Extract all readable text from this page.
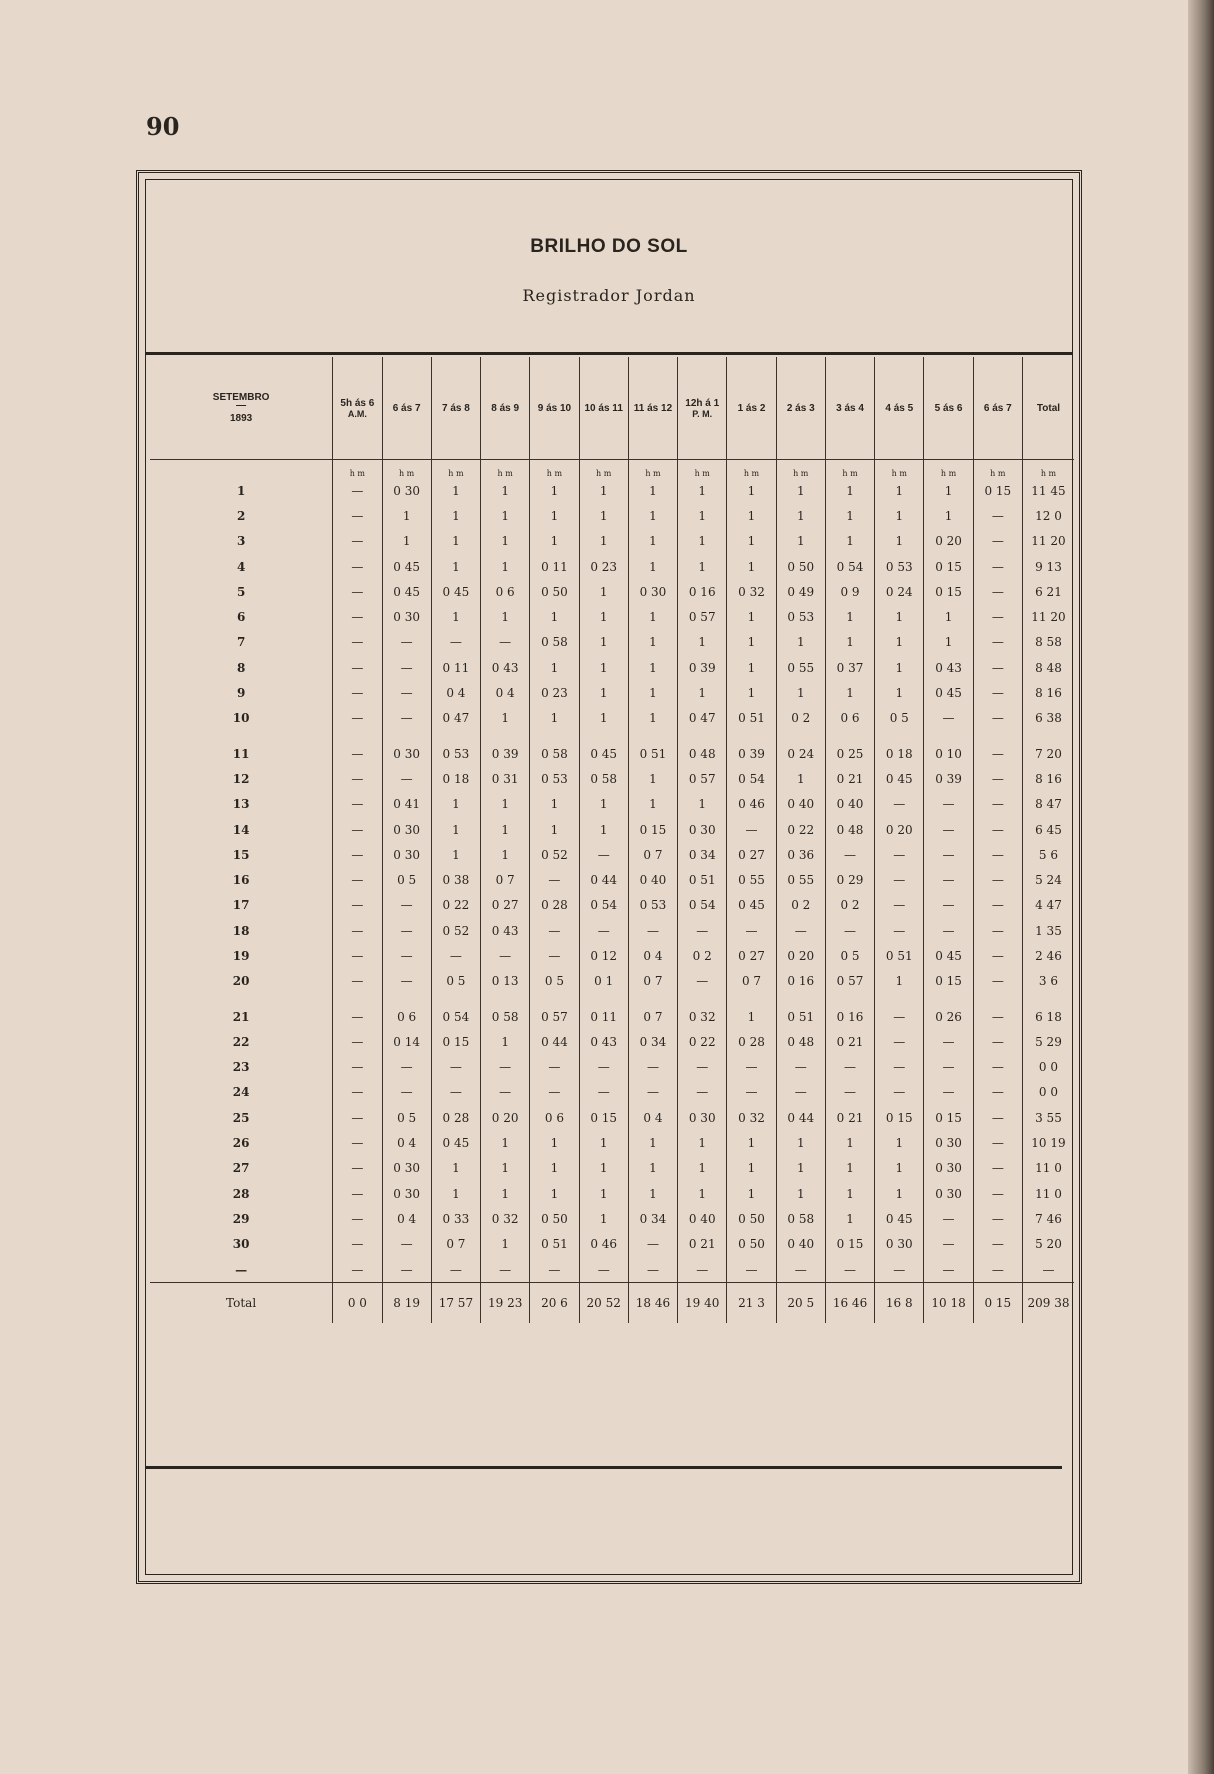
90
BRILHO DO SOL
Registrador Jordan
SETEMBRO
—
1893	5h ás 6
A.M.	6 ás 7	7 ás 8	8 ás 9	9 ás 10	10 ás 11	11 ás 12	12h á 1
P. M.	1 ás 2	2 ás 3	3 ás 4	4 ás 5	5 ás 6	6 ás 7	Total

	h m	h m	h m	h m	h m	h m	h m	h m	h m	h m	h m	h m	h m	h m	h m
1	—	0 30	1	1	1	1	1	1	1	1	1	1	1	0 15	11 45
2	—	1	1	1	1	1	1	1	1	1	1	1	1	—	12 0
3	—	1	1	1	1	1	1	1	1	1	1	1	0 20	—	11 20
4	—	0 45	1	1	0 11	0 23	1	1	1	0 50	0 54	0 53	0 15	—	9 13
5	—	0 45	0 45	0 6	0 50	1	0 30	0 16	0 32	0 49	0 9	0 24	0 15	—	6 21
6	—	0 30	1	1	1	1	1	0 57	1	0 53	1	1	1	—	11 20
7	—	—	—	—	0 58	1	1	1	1	1	1	1	1	—	8 58
8	—	—	0 11	0 43	1	1	1	0 39	1	0 55	0 37	1	0 43	—	8 48
9	—	—	0 4	0 4	0 23	1	1	1	1	1	1	1	0 45	—	8 16
10	—	—	0 47	1	1	1	1	0 47	0 51	0 2	0 6	0 5	—	—	6 38

11	—	0 30	0 53	0 39	0 58	0 45	0 51	0 48	0 39	0 24	0 25	0 18	0 10	—	7 20
12	—	—	0 18	0 31	0 53	0 58	1	0 57	0 54	1	0 21	0 45	0 39	—	8 16
13	—	0 41	1	1	1	1	1	1	0 46	0 40	0 40	—	—	—	8 47
14	—	0 30	1	1	1	1	0 15	0 30	—	0 22	0 48	0 20	—	—	6 45
15	—	0 30	1	1	0 52	—	0 7	0 34	0 27	0 36	—	—	—	—	5 6
16	—	0 5	0 38	0 7	—	0 44	0 40	0 51	0 55	0 55	0 29	—	—	—	5 24
17	—	—	0 22	0 27	0 28	0 54	0 53	0 54	0 45	0 2	0 2	—	—	—	4 47
18	—	—	0 52	0 43	—	—	—	—	—	—	—	—	—	—	1 35
19	—	—	—	—	—	0 12	0 4	0 2	0 27	0 20	0 5	0 51	0 45	—	2 46
20	—	—	0 5	0 13	0 5	0 1	0 7	—	0 7	0 16	0 57	1	0 15	—	3 6

21	—	0 6	0 54	0 58	0 57	0 11	0 7	0 32	1	0 51	0 16	—	0 26	—	6 18
22	—	0 14	0 15	1	0 44	0 43	0 34	0 22	0 28	0 48	0 21	—	—	—	5 29
23	—	—	—	—	—	—	—	—	—	—	—	—	—	—	0 0
24	—	—	—	—	—	—	—	—	—	—	—	—	—	—	0 0
25	—	0 5	0 28	0 20	0 6	0 15	0 4	0 30	0 32	0 44	0 21	0 15	0 15	—	3 55
26	—	0 4	0 45	1	1	1	1	1	1	1	1	1	0 30	—	10 19
27	—	0 30	1	1	1	1	1	1	1	1	1	1	0 30	—	11 0
28	—	0 30	1	1	1	1	1	1	1	1	1	1	0 30	—	11 0
29	—	0 4	0 33	0 32	0 50	1	0 34	0 40	0 50	0 58	1	0 45	—	—	7 46
30	—	—	0 7	1	0 51	0 46	—	0 21	0 50	0 40	0 15	0 30	—	—	5 20
—	—	—	—	—	—	—	—	—	—	—	—	—	—	—	—
Total	0 0	8 19	17 57	19 23	20 6	20 52	18 46	19 40	21 3	20 5	16 46	16 8	10 18	0 15	209 38
